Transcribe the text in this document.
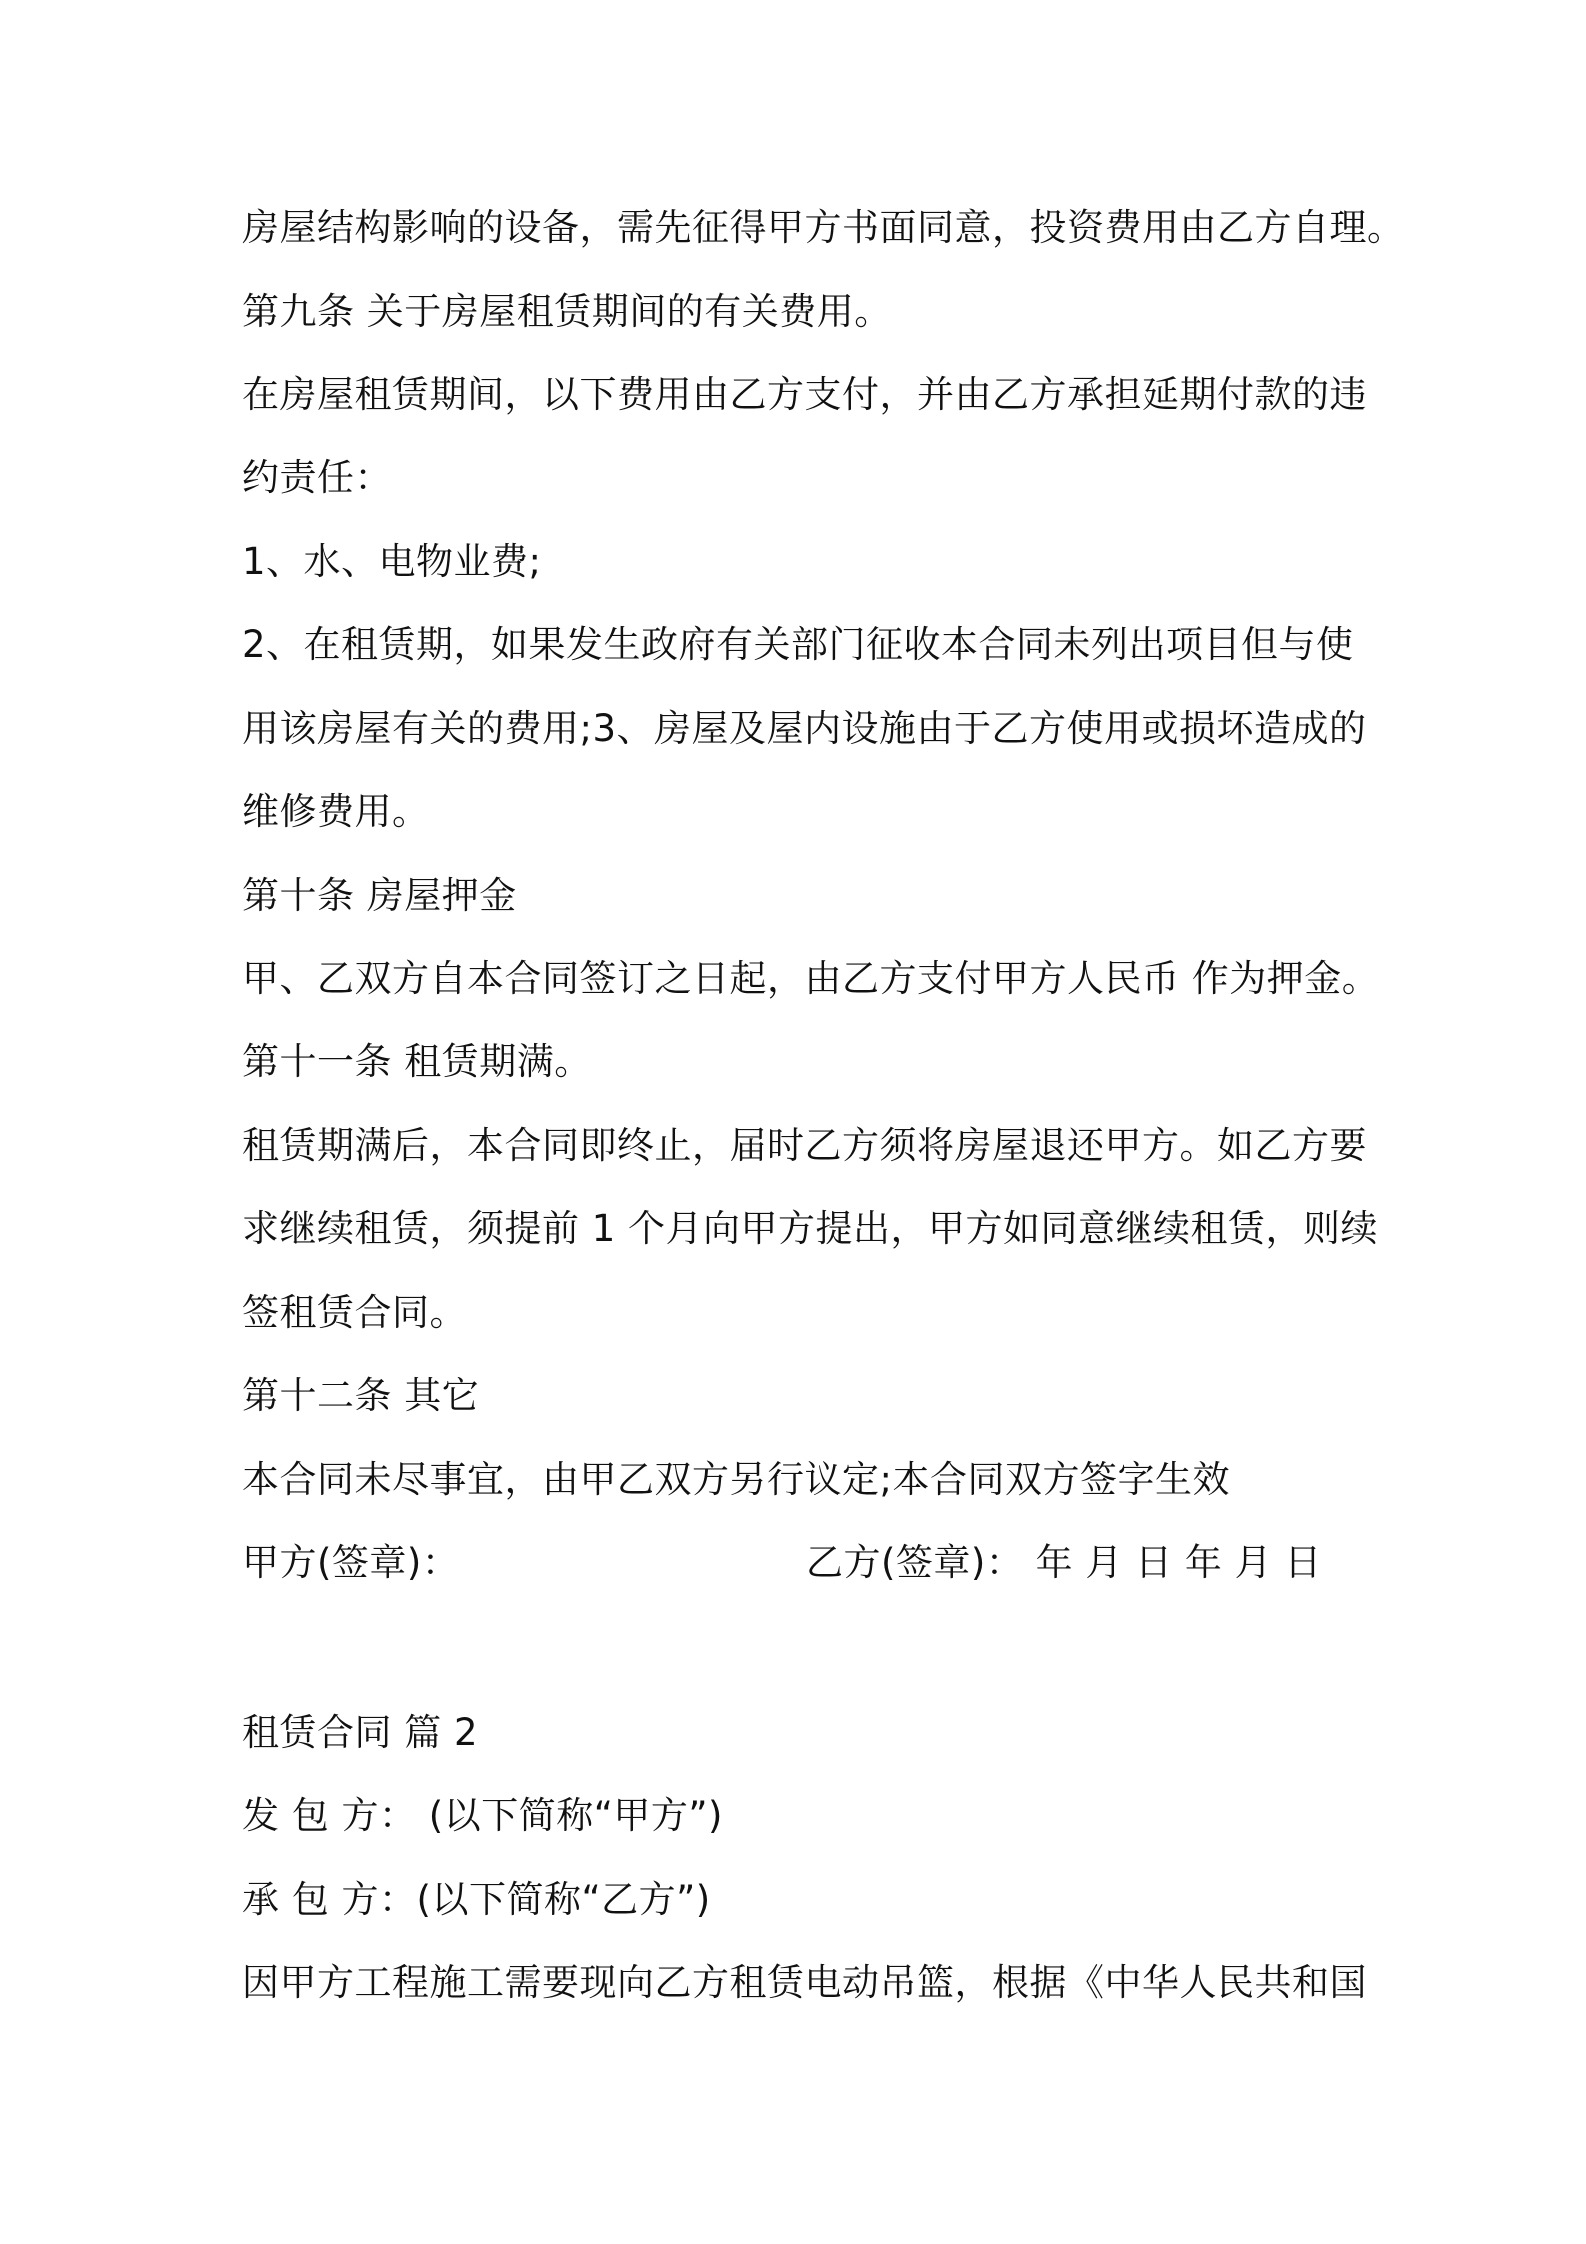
房屋结构影响的设备，需先征得甲方书面同意，投资费用由乙方自理。
第九条 关于房屋租赁期间的有关费用。
在房屋租赁期间，以下费用由乙方支付，并由乙方承担延期付款的违
约责任：
1、水、电物业费;
2、在租赁期，如果发生政府有关部门征收本合同未列出项目但与使
用该房屋有关的费用;3、房屋及屋内设施由于乙方使用或损坏造成的
维修费用。
第十条 房屋押金
甲、乙双方自本合同签订之日起，由乙方支付甲方人民币 作为押金。
第十一条 租赁期满。
租赁期满后，本合同即终止，届时乙方须将房屋退还甲方。如乙方要
求继续租赁，须提前 1 个月向甲方提出，甲方如同意继续租赁，则续
签租赁合同。
第十二条 其它
本合同未尽事宜，由甲乙双方另行议定;本合同双方签字生效
甲方(签章)：	乙方(签章)： 年 月 日 年 月 日
租赁合同 篇 2
发 包 方： (以下简称“甲方”)
承 包 方：(以下简称“乙方”)
因甲方工程施工需要现向乙方租赁电动吊篮，根据《中华人民共和国
